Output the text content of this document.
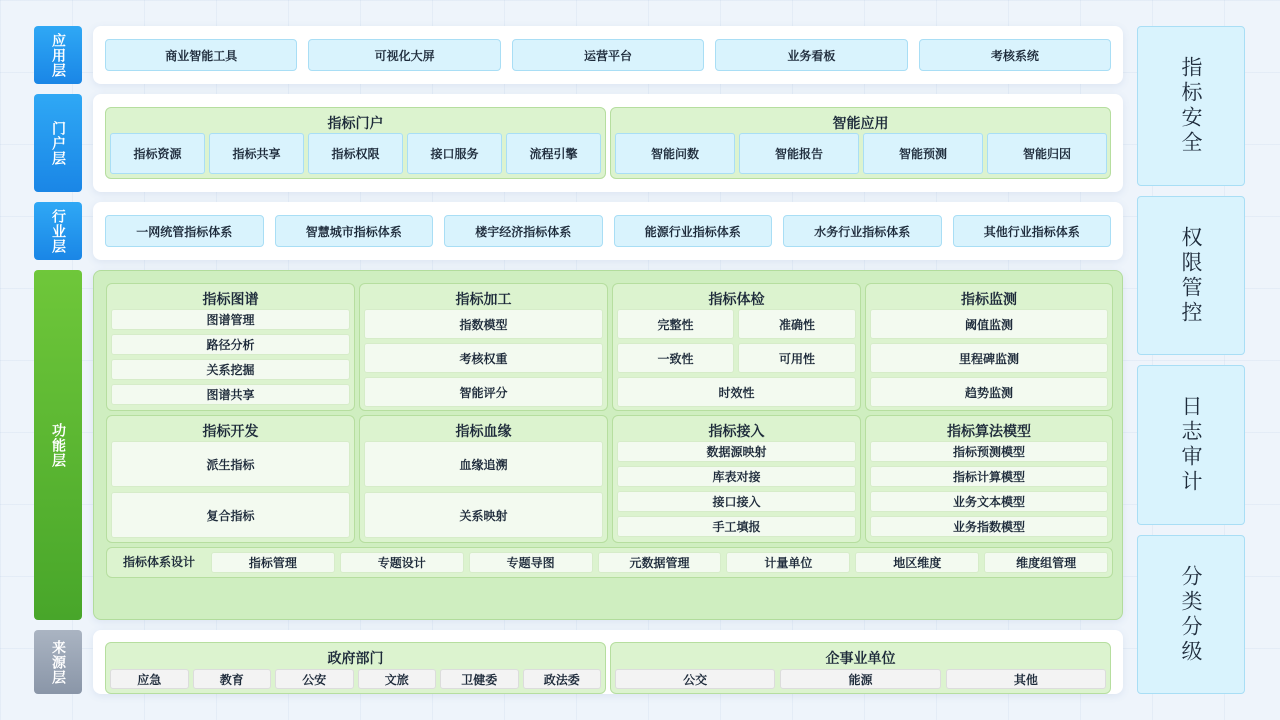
应用层
门户层
行业层
功能层
来源层
商业智能工具	可视化大屏	运营平台	业务看板	考核系统
指标门户
指标资源	指标共享	指标权限	接口服务	流程引擎
智能应用
智能问数	智能报告	智能预测	智能归因
一网统管指标体系	智慧城市指标体系	楼宇经济指标体系	能源行业指标体系	水务行业指标体系	其他行业指标体系
指标图谱
图谱管理
路径分析
关系挖掘
图谱共享
指标加工
指数模型
考核权重
智能评分
指标体检
完整性	准确性
一致性	可用性
时效性
指标监测
阈值监测
里程碑监测
趋势监测
指标开发
派生指标
复合指标
指标血缘
血缘追溯
关系映射
指标接入
数据源映射
库表对接
接口接入
手工填报
指标算法模型
指标预测模型
指标计算模型
业务文本模型
业务指数模型
指标体系设计	指标管理	专题设计	专题导图	元数据管理	计量单位	地区维度	维度组管理
政府部门
应急	教育	公安	文旅	卫健委	政法委
企事业单位
公交	能源	其他
指标安全
权限管控
日志审计
分类分级
